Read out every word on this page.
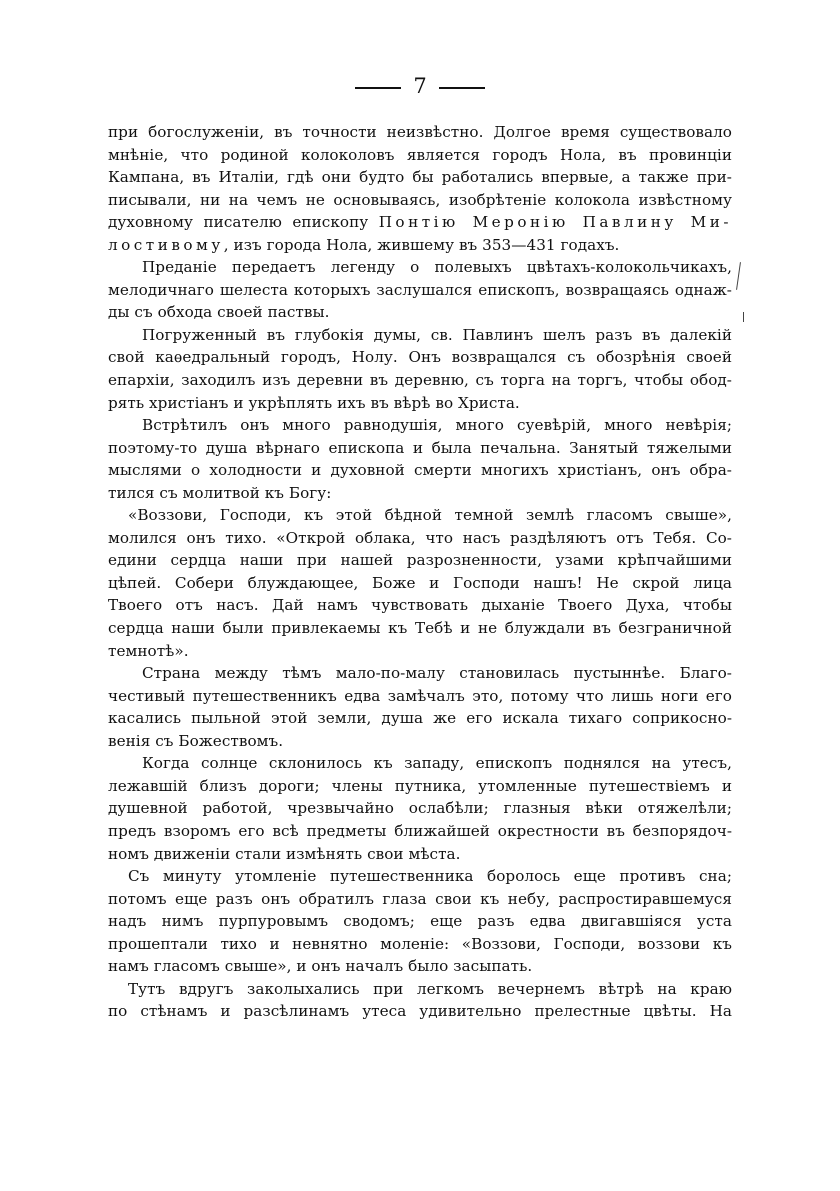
7
при богослуженіи, въ точности неизвѣстно. Долгое время существовало
мнѣніе, что родиной колоколовъ является городъ Нола, въ провинціи
Кампана, въ Италіи, гдѣ они будто бы работались впервые, а также при-
писывали, ни на чемъ не основываясь, изобрѣтеніе колокола извѣстному
духовному писателю епископу Понтію Меронію Павлину Ми-
лостивому, изъ города Нола, жившему въ 353—431 годахъ.
Преданіе передаетъ легенду о полевыхъ цвѣтахъ-колокольчикахъ,
мелодичнаго шелеста которыхъ заслушался епископъ, возвращаясь однаж-
ды съ обхода своей паствы.
Погруженный въ глубокія думы, св. Павлинъ шелъ разъ въ далекій
свой каѳедральный городъ, Нолу. Онъ возвращался съ обозрѣнія своей
епархіи, заходилъ изъ деревни въ деревню, съ торга на торгъ, чтобы обод-
рять христіанъ и укрѣплять ихъ въ вѣрѣ во Христа.
Встрѣтилъ онъ много равнодушія, много суевѣрій, много невѣрія;
поэтому-то душа вѣрнаго епископа и была печальна. Занятый тяжелыми
мыслями о холодности и духовной смерти многихъ христіанъ, онъ обра-
тился съ молитвой къ Богу:
«Воззови, Господи, къ этой бѣдной темной землѣ гласомъ свыше»,
молился онъ тихо. «Открой облака, что насъ раздѣляютъ отъ Тебя. Со-
едини сердца наши при нашей разрозненности, узами крѣпчайшими
цѣпей. Собери блуждающее, Боже и Господи нашъ! Не скрой лица
Твоего отъ насъ. Дай намъ чувствовать дыханіе Твоего Духа, чтобы
сердца наши были привлекаемы къ Тебѣ и не блуждали въ безграничной
темнотѣ».
Страна между тѣмъ мало-по-малу становилась пустыннѣе. Благо-
честивый путешественникъ едва замѣчалъ это, потому что лишь ноги его
касались пыльной этой земли, душа же его искала тихаго соприкосно-
венія съ Божествомъ.
Когда солнце склонилось къ западу, епископъ поднялся на утесъ,
лежавшій близъ дороги; члены путника, утомленные путешествіемъ и
душевной работой, чрезвычайно ослабѣли; глазныя вѣки отяжелѣли;
предъ взоромъ его всѣ предметы ближайшей окрестности въ безпорядоч-
номъ движеніи стали измѣнять свои мѣста.
Съ минуту утомленіе путешественника боролось еще противъ сна;
потомъ еще разъ онъ обратилъ глаза свои къ небу, распростиравшемуся
надъ нимъ пурпуровымъ сводомъ; еще разъ едва двигавшіяся уста
прошептали тихо и невнятно моленіе: «Воззови, Господи, воззови къ
намъ гласомъ свыше», и онъ началъ было засыпать.
Тутъ вдругъ заколыхались при легкомъ вечернемъ вѣтрѣ на краю
по стѣнамъ и разсѣлинамъ утеса удивительно прелестные цвѣты. На
